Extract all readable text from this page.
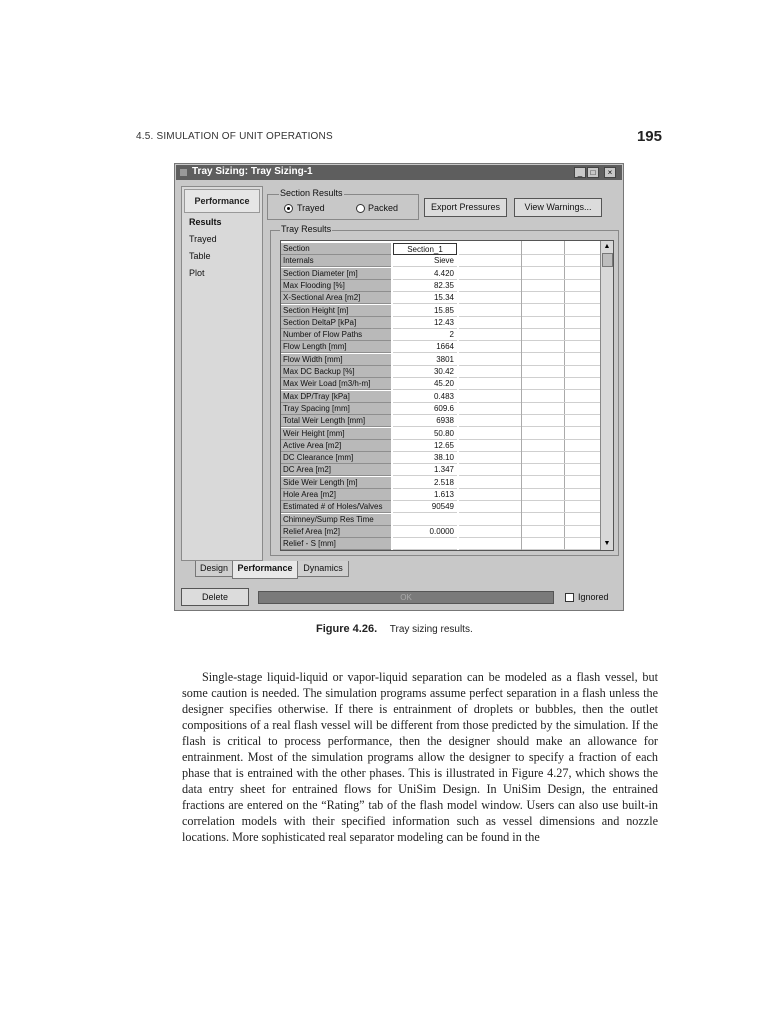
4.5. SIMULATION OF UNIT OPERATIONS	195
Tray Sizing: Tray Sizing-1	_	□	×
Performance
Results
Trayed
Table
Plot
Section Results
Trayed	Packed	Export Pressures	View Warnings...
Tray Results
Section	Section_1
Internals	Sieve
Section Diameter [m]	4.420
Max Flooding [%]	82.35
X-Sectional Area [m2]	15.34
Section Height [m]	15.85
Section DeltaP [kPa]	12.43
Number of Flow Paths	2
Flow Length [mm]	1664
Flow Width [mm]	3801
Max DC Backup [%]	30.42
Max Weir Load [m3/h-m]	45.20
Max DP/Tray [kPa]	0.483
Tray Spacing [mm]	609.6
Total Weir Length [mm]	6938
Weir Height [mm]	50.80
Active Area [m2]	12.65
DC Clearance [mm]	38.10
DC Area [m2]	1.347
Side Weir Length [m]	2.518
Hole Area [m2]	1.613
Estimated # of Holes/Valves	90549
Chimney/Sump Res Time
Relief Area [m2]	0.0000
Relief - S [mm]
▲
▼
Design	Performance	Dynamics
Delete	OK	Ignored
Figure 4.26. Tray sizing results.

Single-stage liquid-liquid or vapor-liquid separation can be modeled as a flash vessel, but some caution is needed. The simulation programs assume perfect separation in a flash unless the designer specifies otherwise. If there is entrainment of droplets or bubbles, then the outlet compositions of a real flash vessel will be different from those predicted by the simulation. If the flash is critical to process performance, then the designer should make an allowance for entrainment. Most of the simulation programs allow the designer to specify a fraction of each phase that is entrained with the other phases. This is illustrated in Figure 4.27, which shows the data entry sheet for entrained flows for UniSim Design. In UniSim Design, the entrained fractions are entered on the “Rating” tab of the flash model window. Users can also use built-in correlation models with their specified information such as vessel dimensions and nozzle locations. More sophisticated real separator modeling can be found in the
